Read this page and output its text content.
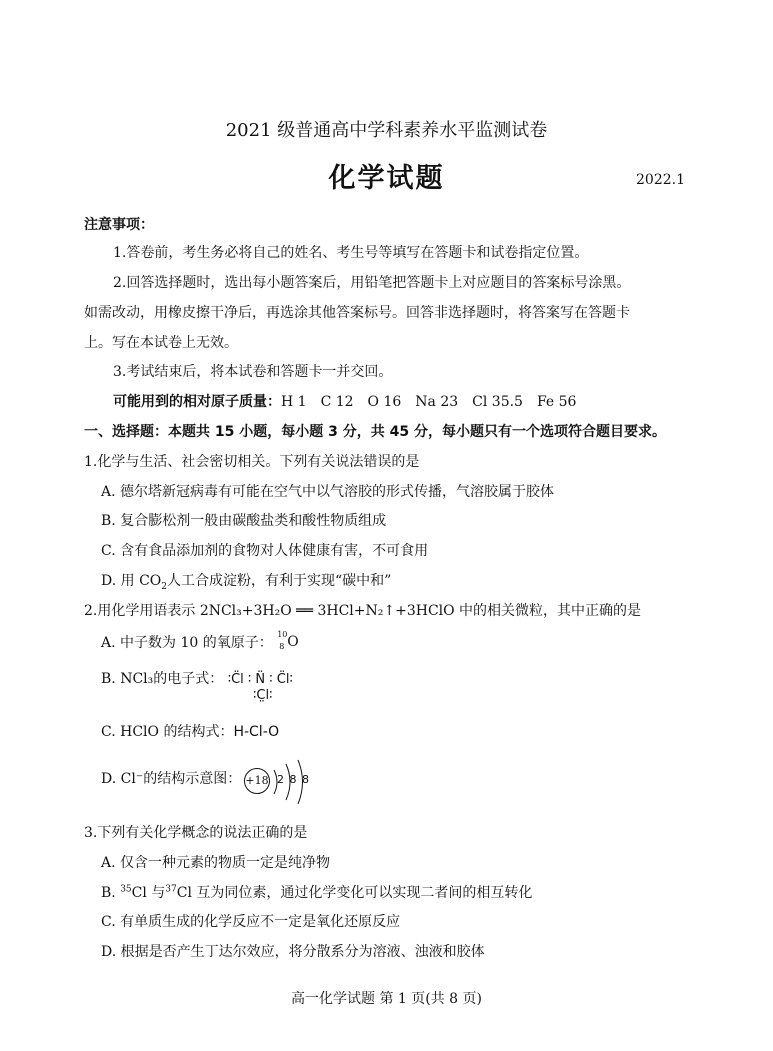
2021 级普通高中学科素养水平监测试卷
化学试题	2022.1
注意事项：
1.答卷前，考生务必将自己的姓名、考生号等填写在答题卡和试卷指定位置。
2.回答选择题时，选出每小题答案后，用铅笔把答题卡上对应题目的答案标号涂黑。
如需改动，用橡皮擦干净后，再选涂其他答案标号。回答非选择题时，将答案写在答题卡
上。写在本试卷上无效。
3.考试结束后，将本试卷和答题卡一并交回。
可能用到的相对原子质量：H 1　C 12　O 16　Na 23　Cl 35.5　Fe 56
一、选择题：本题共 15 小题，每小题 3 分，共 45 分，每小题只有一个选项符合题目要求。
1.化学与生活、社会密切相关。下列有关说法错误的是
A. 德尔塔新冠病毒有可能在空气中以气溶胶的形式传播，气溶胶属于胶体
B. 复合膨松剂一般由碳酸盐类和酸性物质组成
C. 含有食品添加剂的食物对人体健康有害，不可食用
D. 用 $CO_2$人工合成淀粉，有利于实现“碳中和”
2.用化学用语表示 2NCl₃+3H₂O ══ 3HCl+N₂↑+3HClO 中的相关微粒，其中正确的是
A. 中子数为 10 的氧原子：
10
8 O
B. NCl₃的电子式： ∶C̈l ∶ N̈ ∶ C̈l∶
∶C̤l∶
C. HClO 的结构式：H-Cl-O
D. Cl⁻的结构示意图： +18 2 8 8
3.下列有关化学概念的说法正确的是
A. 仅含一种元素的物质一定是纯净物
B. $^{35}$Cl 与$^{37}$Cl 互为同位素，通过化学变化可以实现二者间的相互转化
C. 有单质生成的化学反应不一定是氧化还原反应
D. 根据是否产生丁达尔效应，将分散系分为溶液、浊液和胶体
高一化学试题 第 1 页(共 8 页)
